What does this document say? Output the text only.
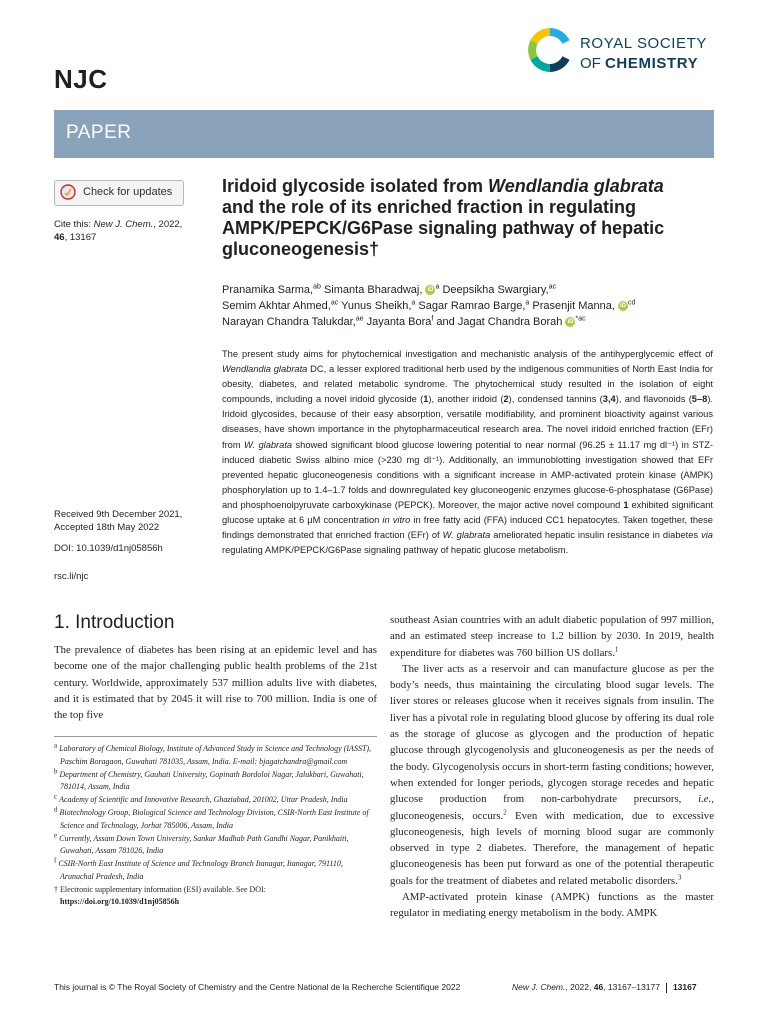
NJC
ROYAL SOCIETY
OF CHEMISTRY
PAPER
Check for updates
Cite this: New J. Chem., 2022,
46, 13167
Received 9th December 2021,
Accepted 18th May 2022
DOI: 10.1039/d1nj05856h
rsc.li/njc
Iridoid glycoside isolated from Wendlandia glabrata and the role of its enriched fraction in regulating AMPK/PEPCK/G6Pase signaling pathway of hepatic gluconeogenesis†
Pranamika Sarma,$^{ab}$ Simanta Bharadwaj, iD $^a$ Deepsikha Swargiary,$^{ac}$
Semim Akhtar Ahmed,$^{ac}$ Yunus Sheikh,$^a$ Sagar Ramrao Barge,$^a$ Prasenjit Manna, iD $^{cd}$
Narayan Chandra Talukdar,$^{ae}$ Jayanta Bora$^f$ and Jagat Chandra Borah iD $^{*ac}$
The present study aims for phytochemical investigation and mechanistic analysis of the antihyperglycemic effect of Wendlandia glabrata DC, a lesser explored traditional herb used by the indigenous communities of North East India for obesity, diabetes, and related metabolic syndrome. The phytochemical study resulted in the isolation of eight compounds, including a novel iridoid glycoside (1), another iridoid (2), condensed tannins (3,4), and flavonoids (5–8). Iridoid glycosides, because of their easy absorption, versatile modifiability, and prominent bioactivity against various diseases, have shown importance in the phytopharmaceutical research area. The novel iridoid enriched fraction (EFr) from W. glabrata showed significant blood glucose lowering potential to near normal (96.25 ± 11.17 mg dl⁻¹) in STZ-induced diabetic Swiss albino mice (>230 mg dl⁻¹). Additionally, an immunoblotting investigation showed that EFr prevented hepatic gluconeogenesis conditions with a significant increase in AMP-activated protein kinase (AMPK) phosphorylation up to 1.4–1.7 folds and downregulated key gluconeogenic enzymes glucose-6-phosphatase (G6Pase) and phosphoenolpyruvate carboxykinase (PEPCK). Moreover, the major active novel compound 1 exhibited significant glucose uptake at 6 μM concentration in vitro in free fatty acid (FFA) induced CC1 hepatocytes. Taken together, these findings demonstrated that enriched fraction (EFr) of W. glabrata ameliorated hepatic insulin resistance in diabetes via regulating AMPK/PEPCK/G6Pase signaling pathway of hepatic glucose metabolism.
1. Introduction

The prevalence of diabetes has been rising at an epidemic level and has become one of the major challenging public health problems of the 21st century. Worldwide, approximately 537 million adults live with diabetes, and it is estimated that by 2045 it will rise to 700 million. India is one of the top five

$^a$ Laboratory of Chemical Biology, Institute of Advanced Study in Science and Technology (IASST), Paschim Boragaon, Guwahati 781035, Assam, India. E-mail: bjagatchandra@gmail.com
$^b$ Department of Chemistry, Gauhati University, Gopinath Bordoloi Nagar, Jalukbari, Guwahati, 781014, Assam, India
$^c$ Academy of Scientific and Innovative Research, Ghaziabad, 201002, Uttar Pradesh, India
$^d$ Biotechnology Group, Biological Science and Technology Division, CSIR-North East Institute of Science and Technology, Jorhat 785006, Assam, India
$^e$ Currently, Assam Down Town University, Sankar Madhab Path Gandhi Nagar, Panikhaiti, Guwahati, Assam 781026, India
$^f$ CSIR-North East Institute of Science and Technology Branch Itanagar, Itanagar, 791110, Arunachal Pradesh, India
† Electronic supplementary information (ESI) available. See DOI: https://doi.org/10.1039/d1nj05856h

southeast Asian countries with an adult diabetic population of 997 million, and an estimated steep increase to 1.2 billion by 2030. In 2019, health expenditure for diabetes was 760 billion US dollars.$^1$

The liver acts as a reservoir and can manufacture glucose as per the body’s needs, thus maintaining the circulating blood sugar levels. The liver stores or releases glucose when it receives signals from insulin. The liver has a pivotal role in regulating blood glucose by offering its dual role as the storage of glucose as glycogen and the production of hepatic glucose through glycogenolysis and gluconeogenesis as per the needs of the body. Glycogenolysis occurs in short-term fasting conditions; however, when extended for longer periods, glycogen storage recedes and hepatic glucose production from non-carbohydrate precursors, i.e., gluconeogenesis, occurs.$^2$ Even with medication, due to excessive gluconeogenesis, high levels of morning blood sugar are commonly observed in type 2 diabetes. Therefore, the management of hepatic gluconeogenesis has been put forward as one of the potential therapeutic goals for the treatment of diabetes and related metabolic disorders.$^3$

AMP-activated protein kinase (AMPK) functions as the master regulator in mediating energy metabolism in the body. AMPK

This journal is © The Royal Society of Chemistry and the Centre National de la Recherche Scientifique 2022	New J. Chem., 2022, 46, 13167–13177 13167
